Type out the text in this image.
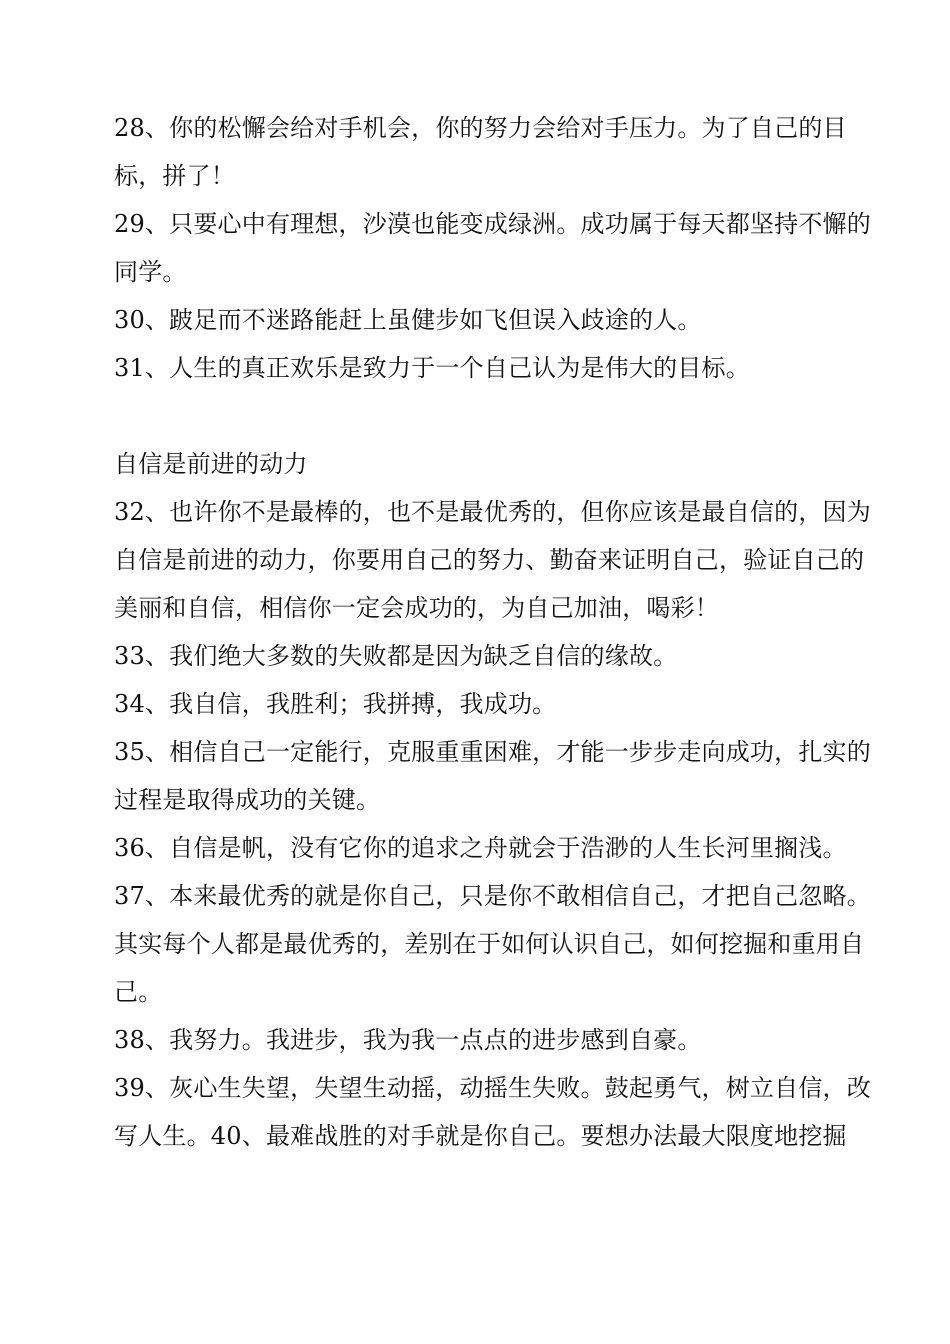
28、你的松懈会给对手机会，你的努力会给对手压力。为了自己的目标，拼了！

29、只要心中有理想，沙漠也能变成绿洲。成功属于每天都坚持不懈的同学。

30、跛足而不迷路能赶上虽健步如飞但误入歧途的人。

31、人生的真正欢乐是致力于一个自己认为是伟大的目标。

自信是前进的动力

32、也许你不是最棒的，也不是最优秀的，但你应该是最自信的，因为自信是前进的动力，你要用自己的努力、勤奋来证明自己，验证自己的美丽和自信，相信你一定会成功的，为自己加油，喝彩！

33、我们绝大多数的失败都是因为缺乏自信的缘故。

34、我自信，我胜利；我拼搏，我成功。

35、相信自己一定能行，克服重重困难，才能一步步走向成功，扎实的过程是取得成功的关键。

36、自信是帆，没有它你的追求之舟就会于浩渺的人生长河里搁浅。

37、本来最优秀的就是你自己，只是你不敢相信自己，才把自己忽略。其实每个人都是最优秀的，差别在于如何认识自己，如何挖掘和重用自己。

38、我努力。我进步，我为我一点点的进步感到自豪。

39、灰心生失望，失望生动摇，动摇生失败。鼓起勇气，树立自信，改写人生。40、最难战胜的对手就是你自己。要想办法最大限度地挖掘
